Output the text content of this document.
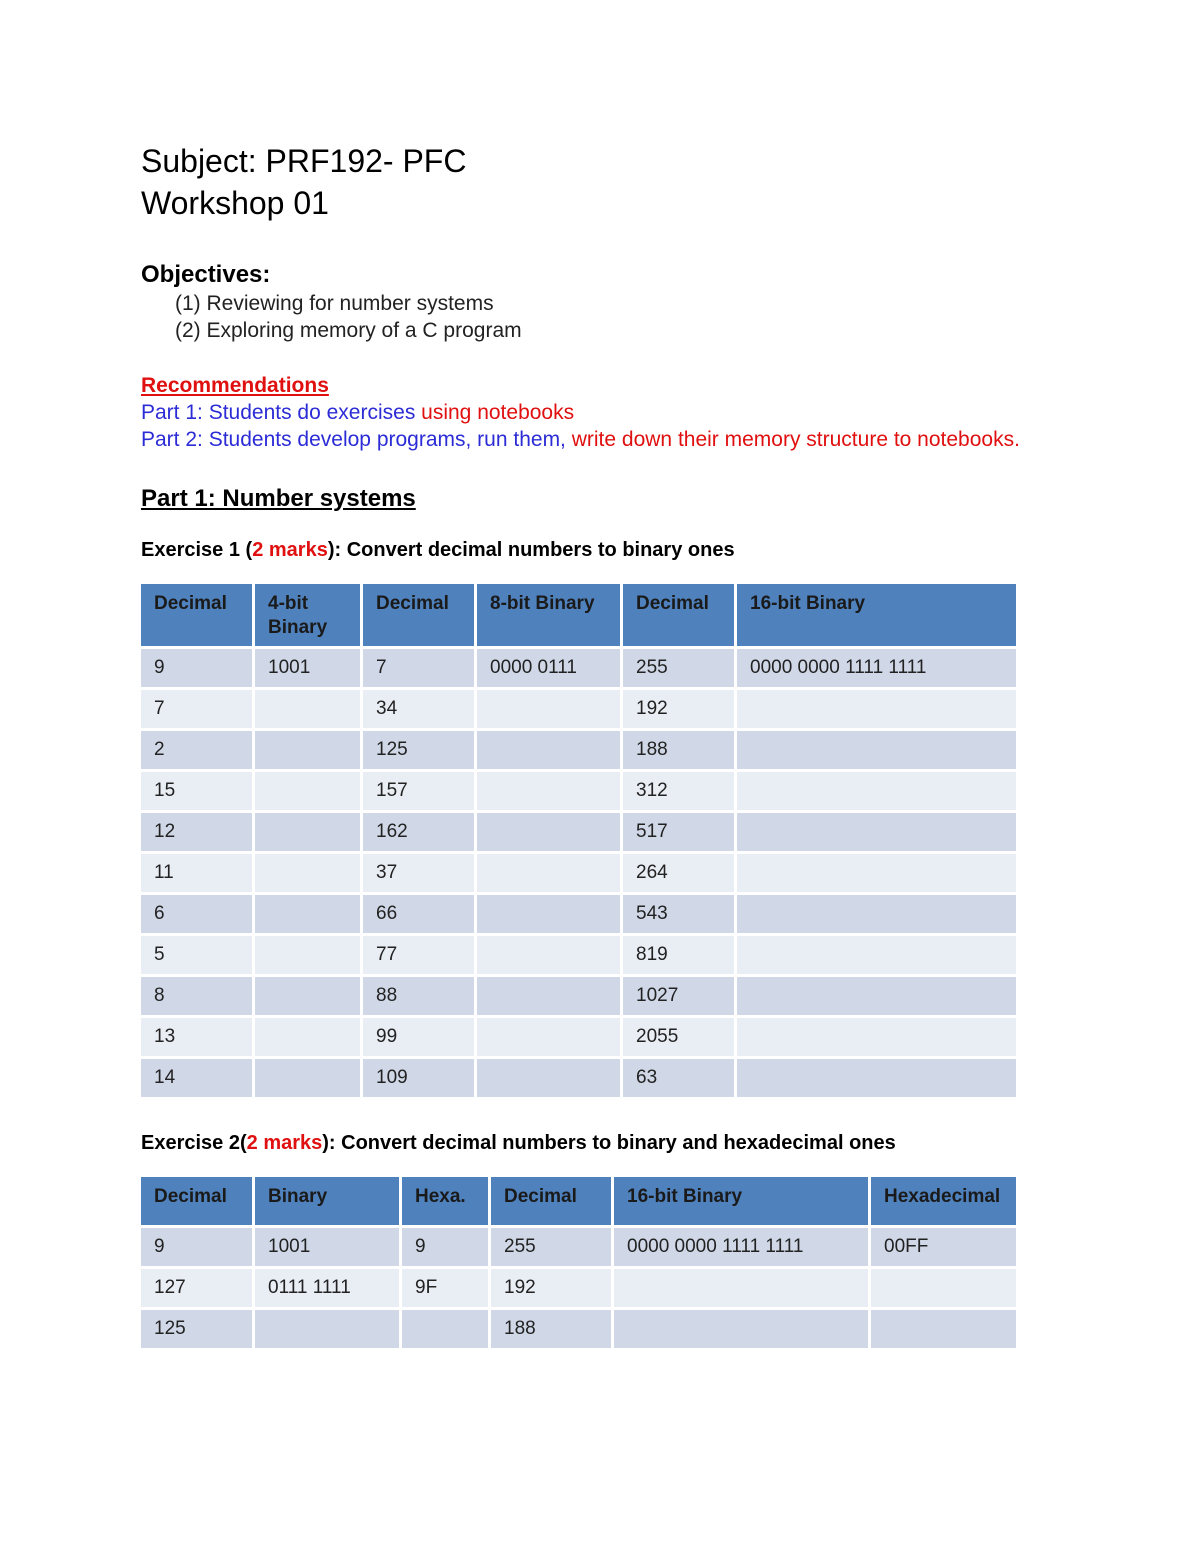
Subject: PRF192- PFC
Workshop 01
Objectives:
(1) Reviewing for number systems
(2) Exploring memory of a C program
Recommendations
Part 1: Students do exercises using notebooks
Part 2: Students develop programs, run them, write down their memory structure to notebooks.
Part 1: Number systems
Exercise 1 (2 marks): Convert decimal numbers to binary ones
Decimal	4-bit Binary	Decimal	8-bit Binary	Decimal	16-bit Binary
9	1001	7	0000 0111	255	0000 0000 1111 1111
7		34		192	
2		125		188	
15		157		312	
12		162		517	
11		37		264	
6		66		543	
5		77		819	
8		88		1027	
13		99		2055	
14		109		63	
Exercise 2(2 marks): Convert decimal numbers to binary and hexadecimal ones
Decimal	Binary	Hexa.	Decimal	16-bit Binary	Hexadecimal
9	1001	9	255	0000 0000 1111 1111	00FF
127	0111 1111	9F	192		
125			188		
